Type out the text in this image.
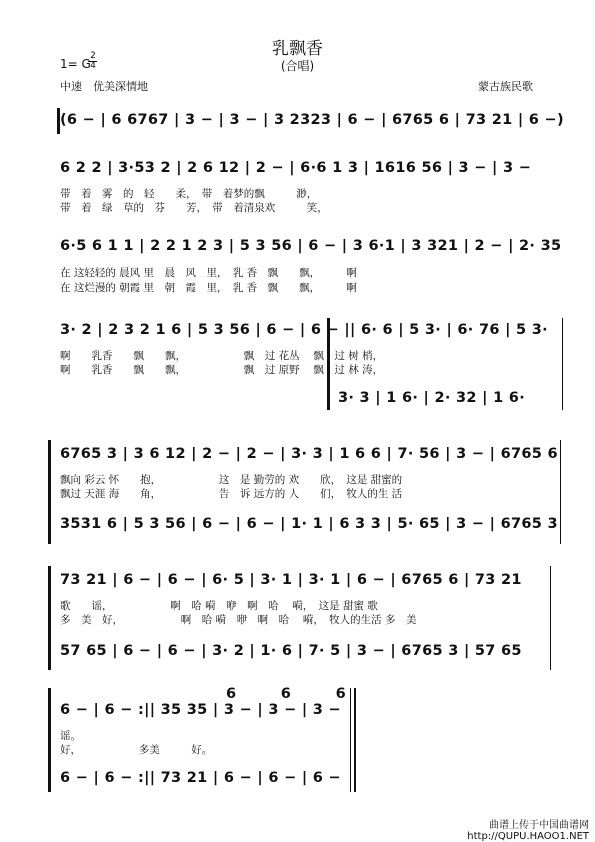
乳飘香
(合唱)
1= G
2
4
中速　优美深情地	蒙古族民歌
(6 − | 6 6767 | 3 − | 3 − | 3 2323 | 6 − | 6765 6 | 73 21 | 6 −)
6 2 2 | 3·53 2 | 2 6 12 | 2 − | 6·6 1 3 | 1616 56 | 3 − | 3 −
带　着　雾　的　轻　　柔，　带　着梦的飘　　　渺，
带　着　绿　草的　芬　　芳，　带　着清泉欢　　　笑，
6·5 6 1 1 | 2 2 1 2 3 | 5 3 56 | 6 − | 3 6·1 | 3 321 | 2 − | 2· 35
在 这轻轻的 晨风 里　晨　风　里，　乳 香　飘　　飘，　　　啊
在 这烂漫的 朝霞 里　朝　霞　里，　乳 香　飘　　飘，　　　啊
3· 2 | 2 3 2 1 6 | 5 3 56 | 6 − | 6 − || 6· 6 | 5 3· | 6· 76 | 5 3·
啊　　乳香　　飘　　飘，　　　　　　飘　过 花丛　 飘　过 树 梢，
啊　　乳香　　飘　　飘，　　　　　　飘　过 原野　 飘　过 林 涛，
3· 3 | 1 6· | 2· 32 | 1 6·
6765 3 | 3 6 12 | 2 − | 2 − | 3· 3 | 1 6 6 | 7· 56 | 3 − | 6765 6
飘向 彩云 怀　　抱，　　　　　　这　是 勤劳的 欢　　欣，　这是 甜蜜的
飘过 天涯 海　　角，　　　　　　告　诉 远方的 人　　们，　牧人的生 活
3531 6 | 5 3 56 | 6 − | 6 − | 1· 1 | 6 3 3 | 5· 65 | 3 − | 6765 3
73 21 | 6 − | 6 − | 6· 5 | 3· 1 | 3· 1 | 6 − | 6765 6 | 73 21
歌　　谣，　　　　　　啊　哈 嗬　咿　啊　哈　 嗬，　这是 甜蜜 歌
多　美　好，　　　　　　啊　哈 嗬　咿　啊　哈　 嗬，　牧人的生活 多　美
57 65 | 6 − | 6 − | 3· 2 | 1· 6 | 7· 5 | 3 − | 6765 3 | 57 65
6　　　6　　　6
6 − | 6 − :|| 35 35 | 3 − | 3 − | 3 −
谣。
好，　　　　　　多美　　　好。
6 − | 6 − :|| 73 21 | 6 − | 6 − | 6 −
曲谱上传于中国曲谱网
http://QUPU.HAOO1.NET
